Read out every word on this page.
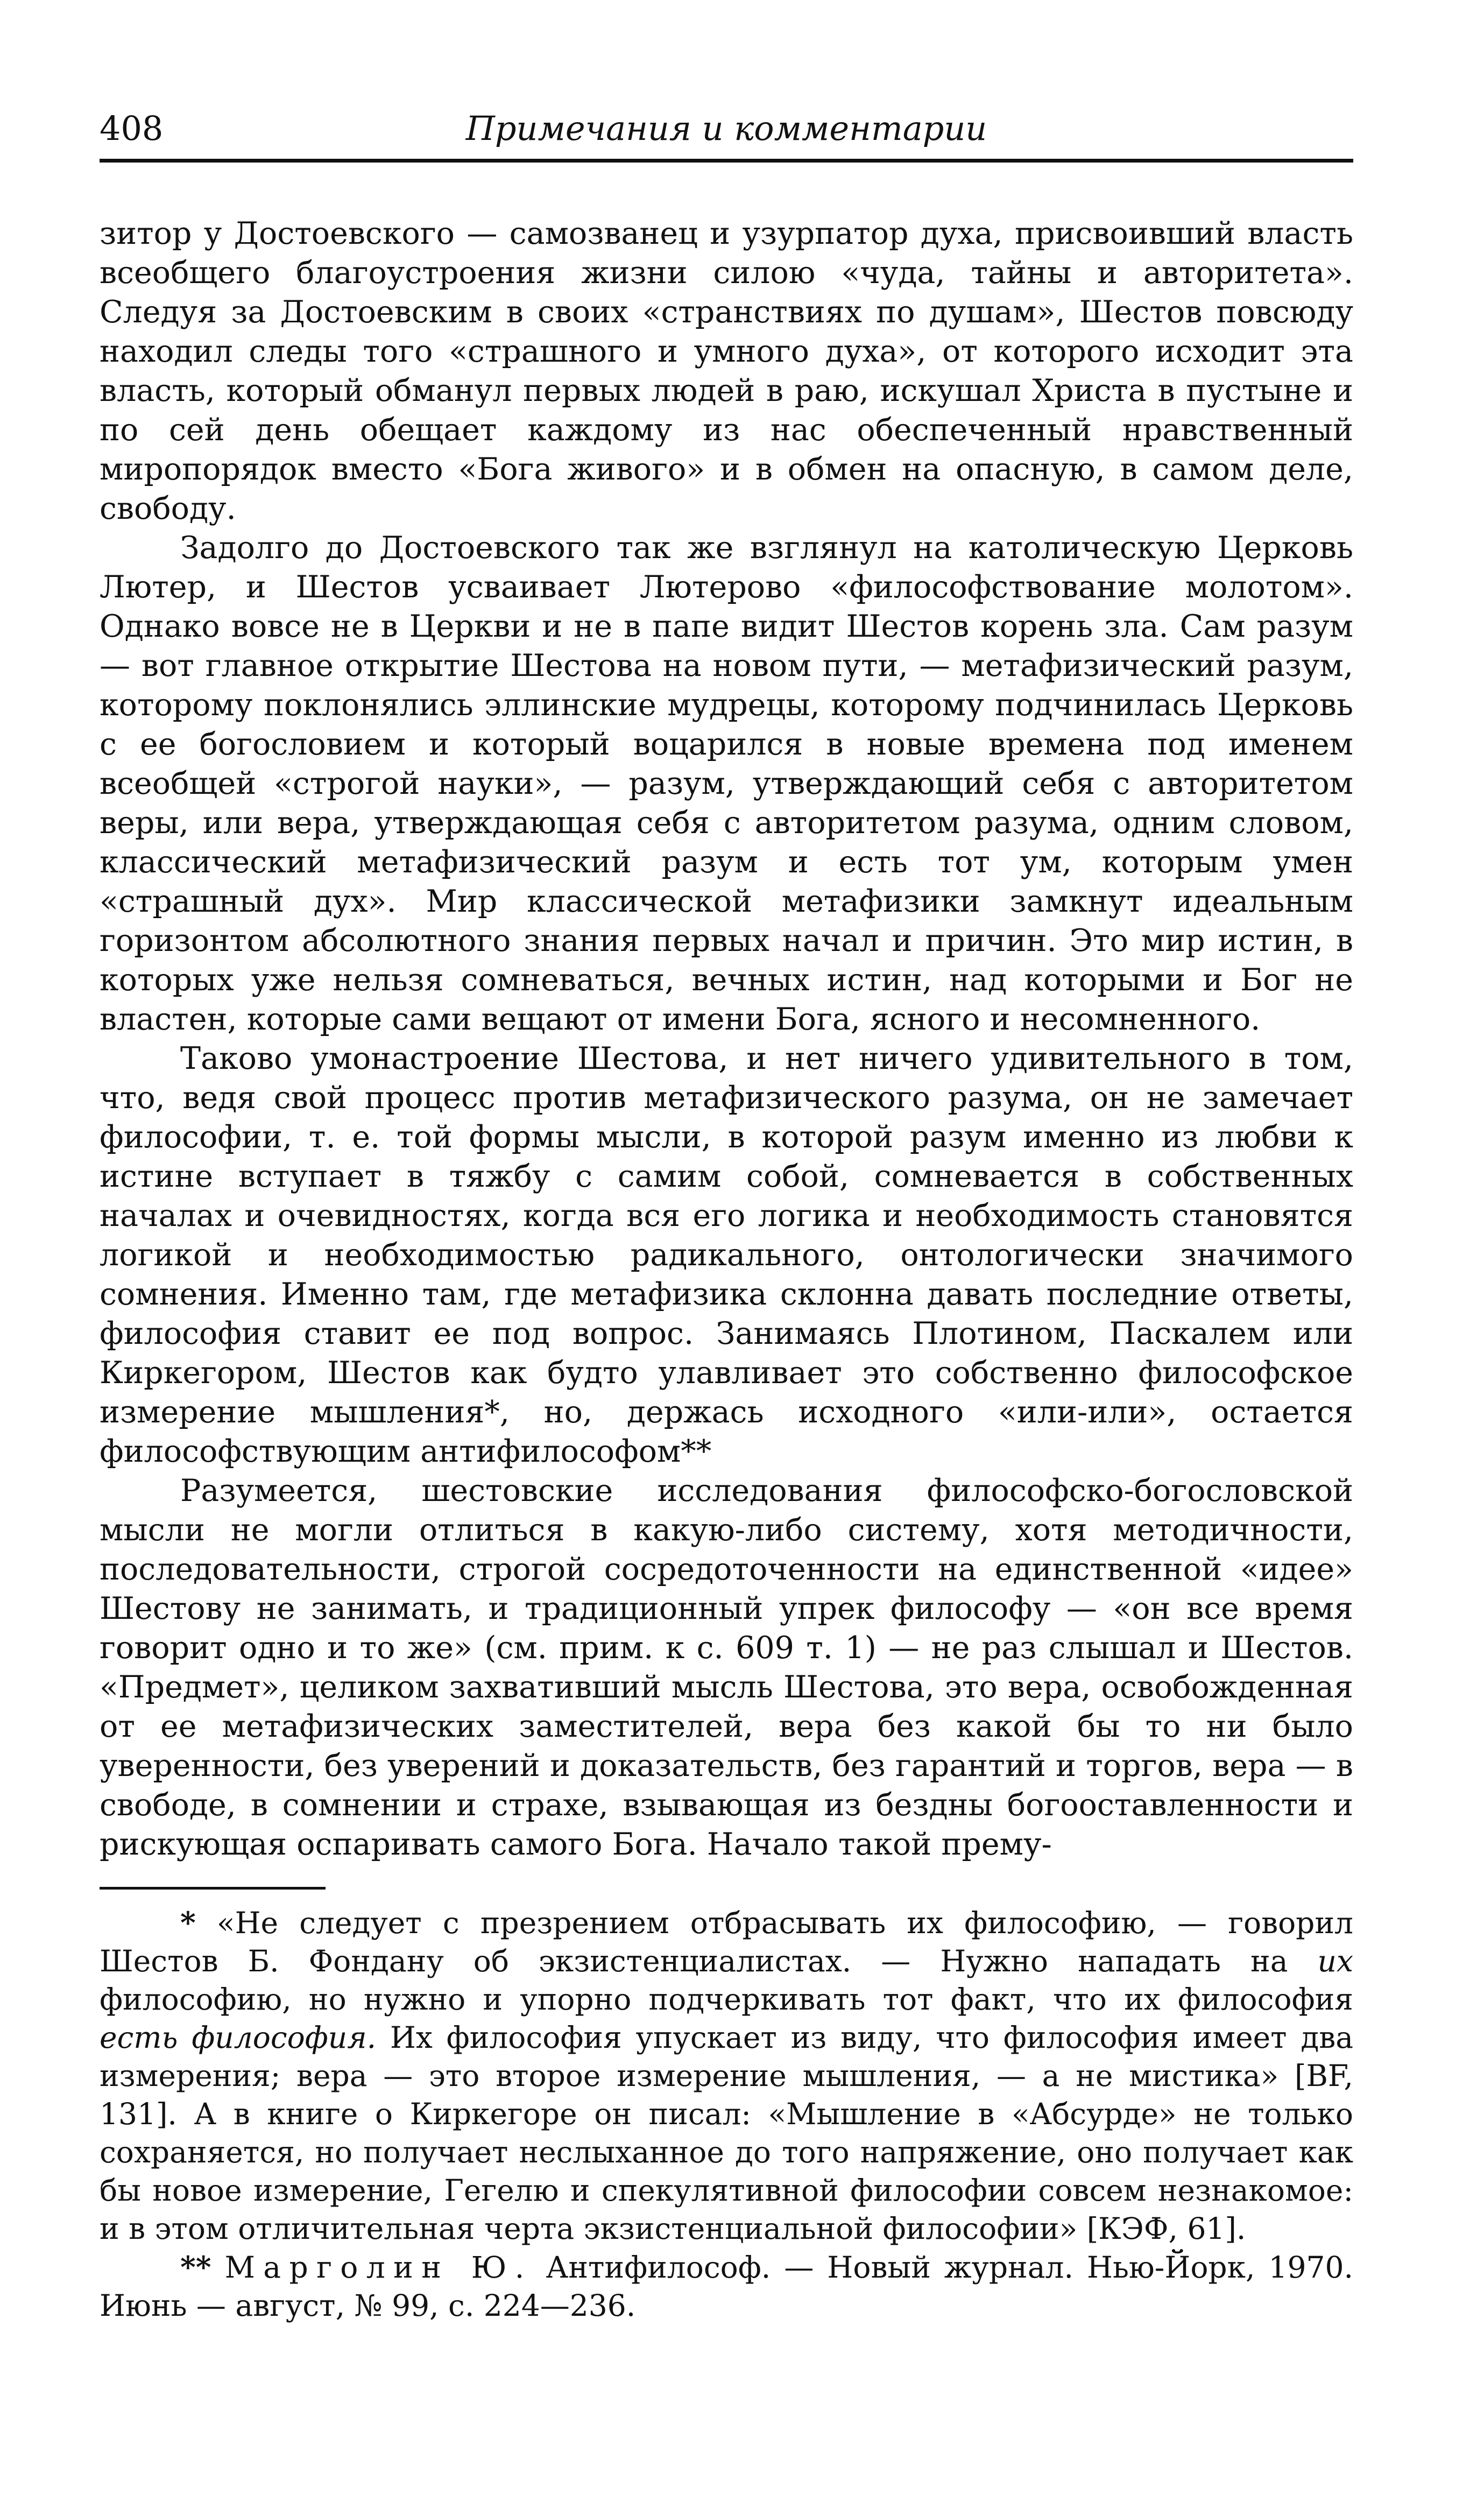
408	Примечания и комментарии

зитор у Достоевского — самозванец и узурпатор духа, присвоивший власть всеобщего благоустроения жизни силою «чуда, тайны и авторитета». Следуя за Достоевским в своих «странствиях по душам», Шестов повсюду находил следы того «страшного и умного духа», от которого исходит эта власть, который обманул первых людей в раю, искушал Христа в пустыне и по сей день обещает каждому из нас обеспеченный нравственный миропорядок вместо «Бога живого» и в обмен на опасную, в самом деле, свободу.

Задолго до Достоевского так же взглянул на католическую Церковь Лютер, и Шестов усваивает Лютерово «философствование молотом». Однако вовсе не в Церкви и не в папе видит Шестов корень зла. Сам разум — вот главное открытие Шестова на новом пути, — метафизический разум, которому поклонялись эллинские мудрецы, которому подчинилась Церковь с ее богословием и который воцарился в новые времена под именем всеобщей «строгой науки», — разум, утверждающий себя с авторитетом веры, или вера, утверждающая себя с авторитетом разума, одним словом, классический метафизический разум и есть тот ум, которым умен «страшный дух». Мир классической метафизики замкнут идеальным горизонтом абсолютного знания первых начал и причин. Это мир истин, в которых уже нельзя сомневаться, вечных истин, над которыми и Бог не властен, которые сами вещают от имени Бога, ясного и несомненного.

Таково умонастроение Шестова, и нет ничего удивительного в том, что, ведя свой процесс против метафизического разума, он не замечает философии, т. е. той формы мысли, в которой разум именно из любви к истине вступает в тяжбу с самим собой, сомневается в собственных началах и очевидностях, когда вся его логика и необходимость становятся логикой и необходимостью радикального, онтологически значимого сомнения. Именно там, где метафизика склонна давать последние ответы, философия ставит ее под вопрос. Занимаясь Плотином, Паскалем или Киркегором, Шестов как будто улавливает это собственно философское измерение мышления*, но, держась исходного «или-или», остается философствующим антифилософом**

Разумеется, шестовские исследования философско-богословской мысли не могли отлиться в какую-либо систему, хотя методичности, последовательности, строгой сосредоточенности на единственной «идее» Шестову не занимать, и традиционный упрек философу — «он все время говорит одно и то же» (см. прим. к с. 609 т. 1) — не раз слышал и Шестов. «Предмет», целиком захвативший мысль Шестова, это вера, освобожденная от ее метафизических заместителей, вера без какой бы то ни было уверенности, без уверений и доказательств, без гарантий и торгов, вера — в свободе, в сомнении и страхе, взывающая из бездны богооставленности и рискующая оспаривать самого Бога. Начало такой прему-

* «Не следует с презрением отбрасывать их философию, — говорил Шестов Б. Фондану об экзистенциалистах. — Нужно нападать на их философию, но нужно и упорно подчеркивать тот факт, что их философия есть философия. Их философия упускает из виду, что философия имеет два измерения; вера — это второе измерение мышления, — а не мистика» [BF, 131]. А в книге о Киркегоре он писал: «Мышление в «Абсурде» не только сохраняется, но получает неслыханное до того напряжение, оно получает как бы новое измерение, Гегелю и спекулятивной философии совсем незнакомое: и в этом отличительная черта экзистенциальной философии» [КЭФ, 61].

** Марголин Ю. Антифилософ. — Новый журнал. Нью-Йорк, 1970. Июнь — август, № 99, с. 224—236.
